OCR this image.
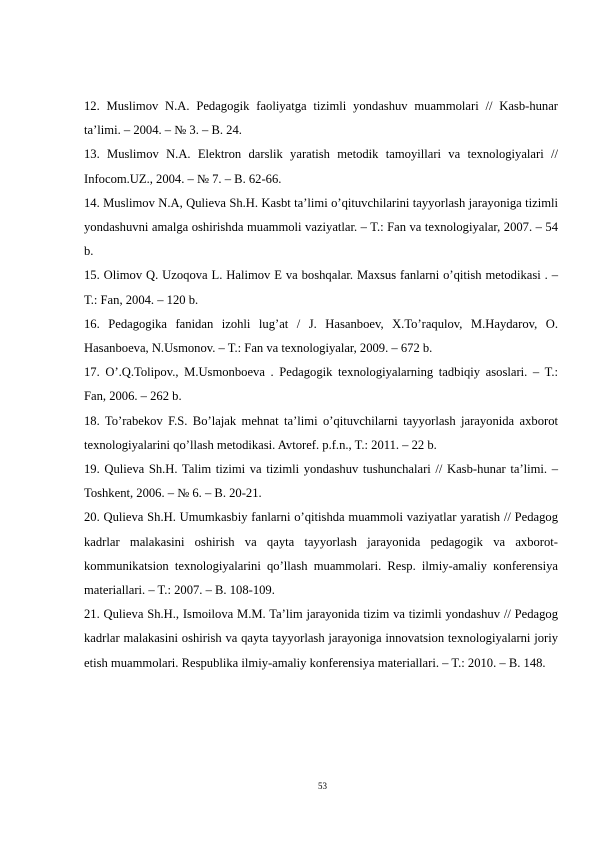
12. Muslimov N.A. Pedagogik faoliyatga tizimli yondashuv muammolari // Kasb-hunar ta’limi. – 2004. – № 3. – B. 24.

13. Muslimov N.A. Elektron darslik yaratish metodik tamoyillari va texnologiyalari // Infocom.UZ., 2004. – № 7. – B. 62-66.

14. Muslimov N.A, Qulieva Sh.H. Kasbt ta’limi o’qituvchilarini tayyorlash jarayoniga tizimli yondashuvni amalga oshirishda muammoli vaziyatlar. – T.: Fan va texnologiyalar, 2007. – 54 b.

15. Olimov Q. Uzoqova L. Halimov E va boshqalar. Maxsus fanlarni o’qitish metodikasi . – T.: Fan, 2004. – 120 b.

16. Pedagogika fanidan izohli lug’at / J. Hasanboev, X.To’raqulov, M.Haydarov, O. Hasanboeva, N.Usmonov. – T.: Fan va texnologiyalar, 2009. – 672 b.

17. O’.Q.Tolipov., M.Usmonboeva . Pedagogik texnologiyalarning tadbiqiy asoslari. – T.: Fan, 2006. – 262 b.

18. To’rabekov F.S. Bo’lajak mehnat ta’limi o’qituvchilarni tayyorlash jarayonida axborot texnologiyalarini qo’llash metodikasi. Avtoref. p.f.n., T.: 2011. – 22 b.

19. Qulieva Sh.H. Talim tizimi va tizimli yondashuv tushunchalari // Kasb-hunar ta’limi. – Toshkent, 2006. – № 6. – B. 20-21.

20. Qulieva Sh.H. Umumkasbiy fanlarni o’qitishda muammoli vaziyatlar yaratish // Pedagog kadrlar malakasini oshirish va qayta tayyorlash jarayonida pedagogik va axborot-kommunikatsion texnologiyalarini qo’llash muammolari. Resp. ilmiy-amaliy кonferensiya materiallari. – T.: 2007. – B. 108-109.

21. Qulieva Sh.H., Ismoilova M.M. Ta’lim jarayonida tizim va tizimli yondashuv // Pedagog kadrlar malakasini oshirish va qayta tayyorlash jarayoniga innovatsion texnologiyalarni joriy etish muammolari. Respublika ilmiy-amaliy konferensiya materiallari. – T.: 2010. – B. 148.

53
